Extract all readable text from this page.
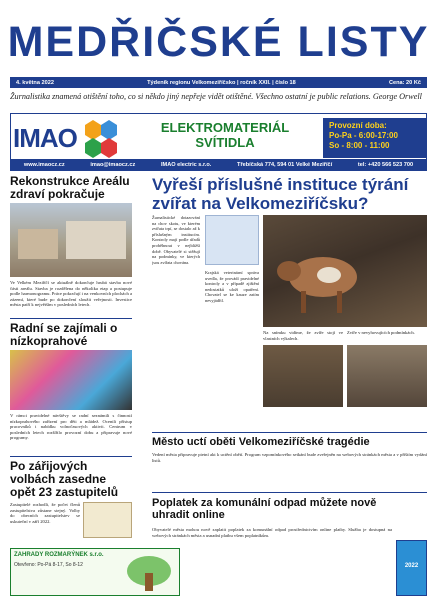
MEDŘIČSKÉ LISTY
4. května 2022	Týdeník regionu Velkomeziříčsko | ročník XXII. | číslo 18	Cena: 20 Kč
Žurnalistika znamená otištění toho, co si někdo jiný nepřeje vidět otištěné. Všechno ostatní je public relations. George Orwell
IMAO	ELEKTROMATERIÁL
SVÍTIDLA
Provozní doba:
Po-Pa - 6:00-17:00
So - 8:00 - 11:00
www.imaocz.cz	imao@imaocz.cz	IMAO electric s.r.o.	Třebíčská 774, 594 01 Velké Meziříčí	tel: +420 566 523 700
Rekonstrukce Areálu zdraví pokračuje
Ve Velkém Meziříčí se aktuálně dokončuje hrubá stavba nové části areálu. Stavba je rozdělena do několika etap a postupuje podle harmonogramu. Práce pokračují i na venkovních plochách a zázemí, které bude po dokončení sloužit veřejnosti. Investice města patří k největším v posledních letech.
Radní se zajímali o nízkoprahové
V rámci pravidelné návštěvy se radní seznámili s činností nízkoprahového zařízení pro děti a mládež. Ocenili přístup pracovníků i nabídku volnočasových aktivit. Centrum v posledních letech rozšířilo provozní dobu a připravuje nové programy.
Po zářijových volbách zasedne opět 23 zastupitelů
Zastupitelé rozhodli, že počet členů zastupitelstva zůstane stejný. Volby do obecních zastupitelstev se uskuteční v září 2022.
ZAHRADY ROZMARÝNEK s.r.o.
Otevřeno: Po-Pá 8-17, So 8-12
Vyřeší příslušné instituce týrání zvířat na Velkomeziříčsku?
Žurnalistické dotazování na chov skotu, ve kterém zvířata trpí, se dostalo až k příslušným institucím. Kontroly mají podle úřadů proběhnout v nejbližší době. Obyvatelé si stěžují na podmínky, ve kterých jsou zvířata chována.
Krajská veterinární správa uvedla, že provádí pravidelné kontroly a v případě zjištění nedostatků uloží opatření. Chovatel se ke kauze zatím nevyjádřil.
Na snímku vidíme, že zvíře stojí ve vlastních výkalech.
Zvíře v nevyhovujících podmínkách.
Město uctí oběti Velkomeziříčské tragédie
Vedení města připravuje pietní akt k uctění obětí. Program vzpomínkového setkání bude zveřejněn na webových stránkách města a v příštím vydání listů.
Poplatek za komunální odpad můžete nově uhradit online
Obyvatelé města mohou nově zaplatit poplatek za komunální odpad prostřednictvím online platby. Služba je dostupná na webových stránkách města a usnadní platbu všem poplatníkům.
2022
